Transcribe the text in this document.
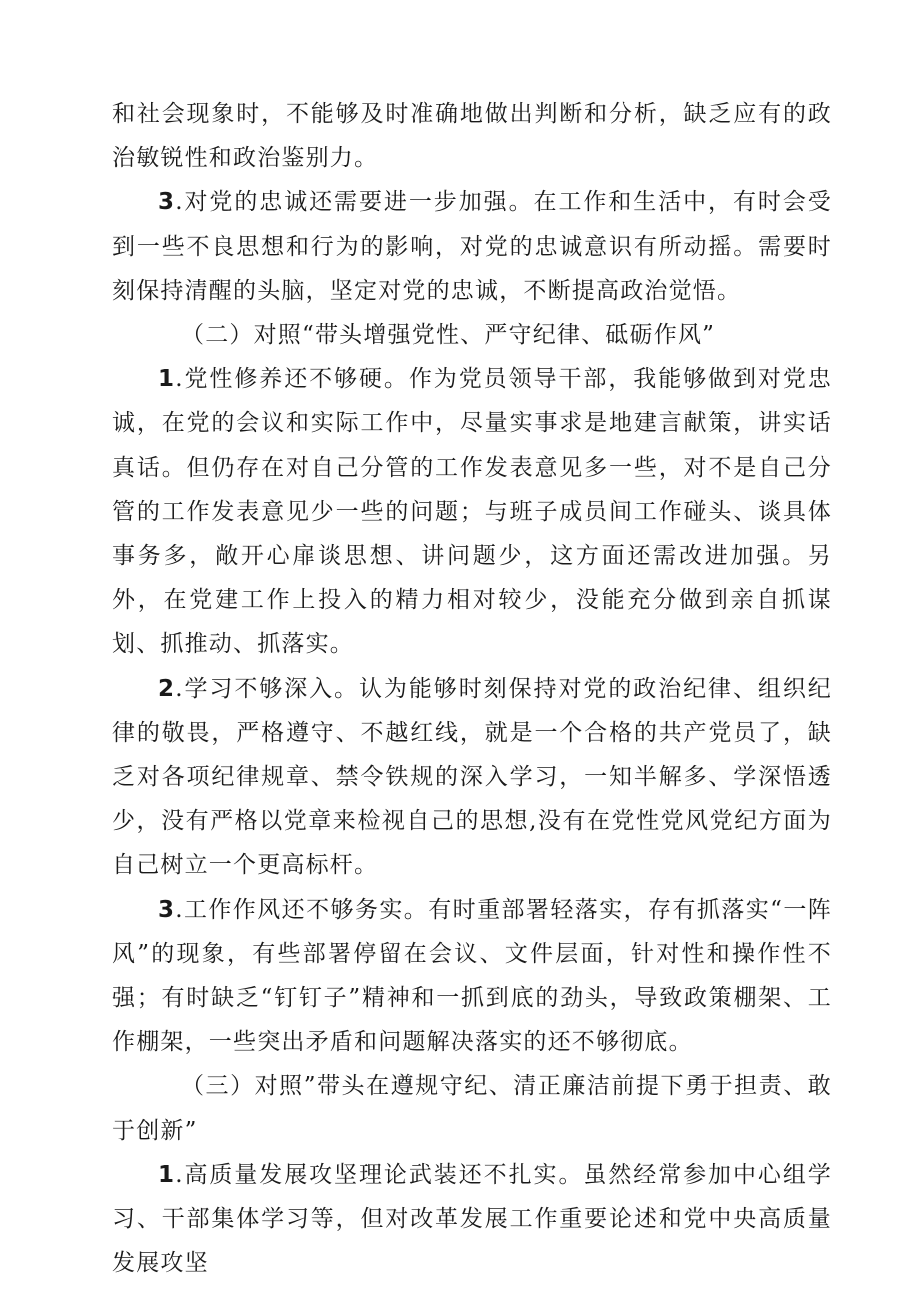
和社会现象时，不能够及时准确地做出判断和分析，缺乏应有的政治敏锐性和政治鉴别力。

3.对党的忠诚还需要进一步加强。在工作和生活中，有时会受到一些不良思想和行为的影响，对党的忠诚意识有所动摇。需要时刻保持清醒的头脑，坚定对党的忠诚，不断提高政治觉悟。

（二）对照“带头增强党性、严守纪律、砥砺作风”

1.党性修养还不够硬。作为党员领导干部，我能够做到对党忠诚，在党的会议和实际工作中，尽量实事求是地建言献策，讲实话真话。但仍存在对自己分管的工作发表意见多一些，对不是自己分管的工作发表意见少一些的问题；与班子成员间工作碰头、谈具体事务多，敞开心扉谈思想、讲问题少，这方面还需改进加强。另外，在党建工作上投入的精力相对较少，没能充分做到亲自抓谋划、抓推动、抓落实。

2.学习不够深入。认为能够时刻保持对党的政治纪律、组织纪律的敬畏，严格遵守、不越红线，就是一个合格的共产党员了，缺乏对各项纪律规章、禁令铁规的深入学习，一知半解多、学深悟透少，没有严格以党章来检视自己的思想,没有在党性党风党纪方面为自己树立一个更高标杆。

3.工作作风还不够务实。有时重部署轻落实，存有抓落实“一阵风”的现象，有些部署停留在会议、文件层面，针对性和操作性不强；有时缺乏“钉钉子”精神和一抓到底的劲头，导致政策棚架、工作棚架，一些突出矛盾和问题解决落实的还不够彻底。

（三）对照”带头在遵规守纪、清正廉洁前提下勇于担责、敢于创新”

1.高质量发展攻坚理论武装还不扎实。虽然经常参加中心组学习、干部集体学习等，但对改革发展工作重要论述和党中央高质量发展攻坚
